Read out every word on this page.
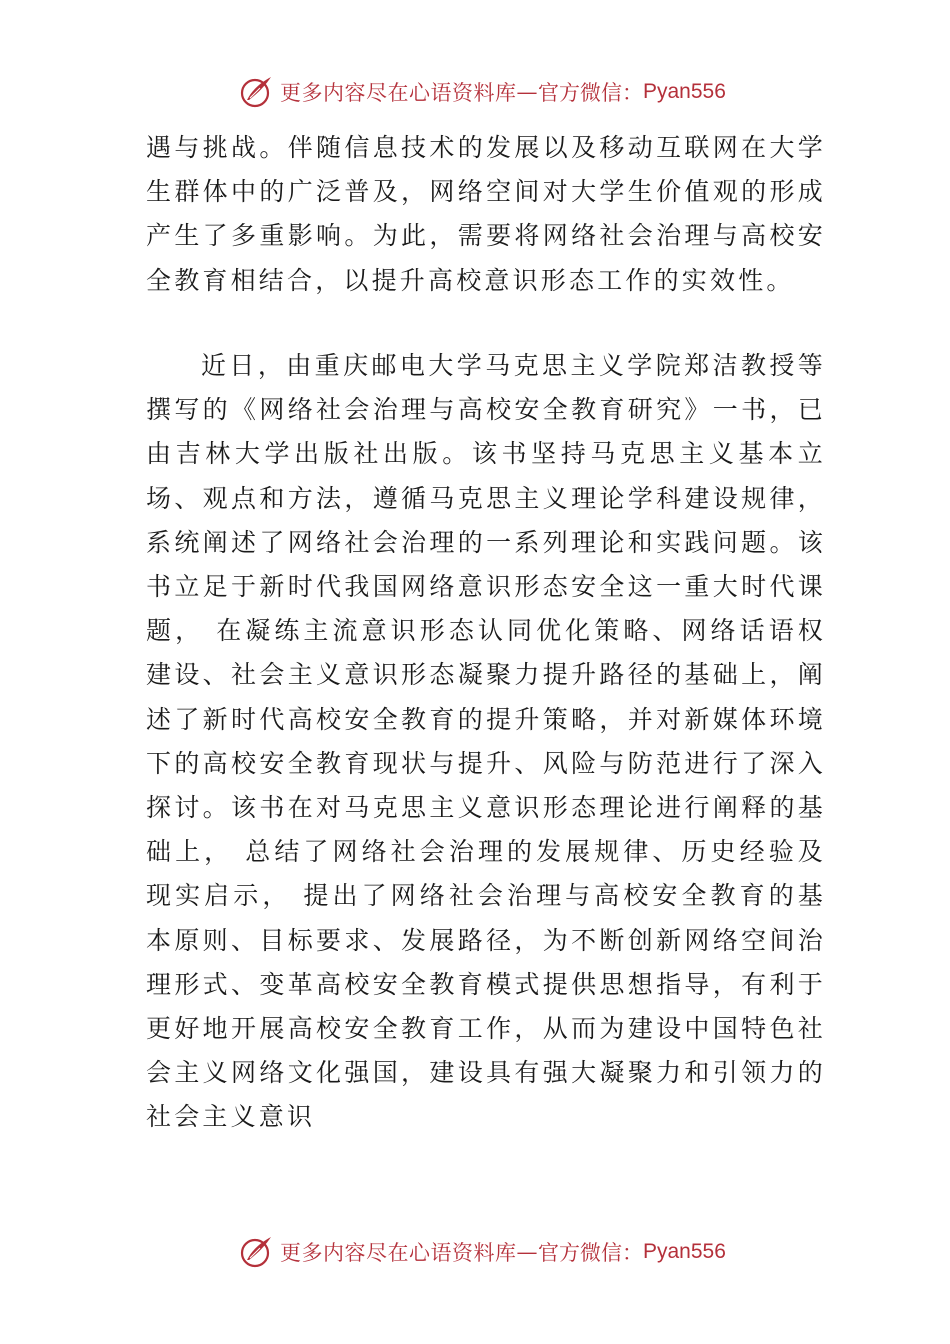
更多内容尽在心语资料库 — 官方微信： Pyan556

遇与挑战。伴随信息技术的发展以及移动互联网在大学生群体中的广泛普及，网络空间对大学生价值观的形成产生了多重影响。为此，需要将网络社会治理与高校安全教育相结合，以提升高校意识形态工作的实效性。

近日，由重庆邮电大学马克思主义学院郑洁教授等撰写的《网络社会治理与高校安全教育研究》一书，已由吉林大学出版社出版。该书坚持马克思主义基本立场、观点和方法，遵循马克思主义理论学科建设规律，系统阐述了网络社会治理的一系列理论和实践问题。该书立足于新时代我国网络意识形态安全这一重大时代课题， 在凝练主流意识形态认同优化策略、网络话语权建设、社会主义意识形态凝聚力提升路径的基础上，阐述了新时代高校安全教育的提升策略，并对新媒体环境下的高校安全教育现状与提升、风险与防范进行了深入探讨。该书在对马克思主义意识形态理论进行阐释的基础上， 总结了网络社会治理的发展规律、历史经验及现实启示， 提出了网络社会治理与高校安全教育的基本原则、目标要求、发展路径，为不断创新网络空间治理形式、变革高校安全教育模式提供思想指导，有利于更好地开展高校安全教育工作，从而为建设中国特色社会主义网络文化强国，建设具有强大凝聚力和引领力的社会主义意识

更多内容尽在心语资料库 — 官方微信： Pyan556
